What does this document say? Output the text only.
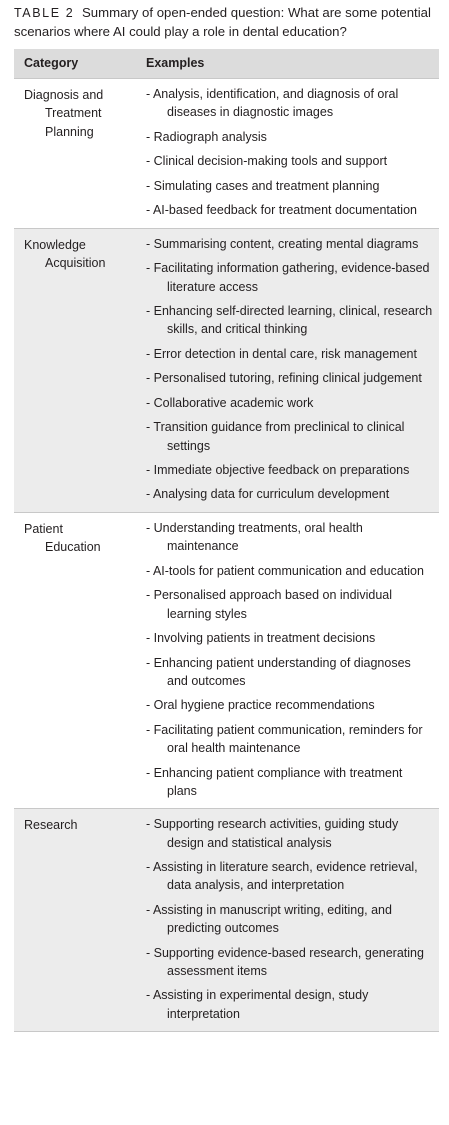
TABLE 2 Summary of open-ended question: What are some potential scenarios where AI could play a role in dental education?
Category	Examples
Diagnosis and
Treatment
Planning
- Analysis, identification, and diagnosis of oral diseases in diagnostic images
- Radiograph analysis
- Clinical decision-making tools and support
- Simulating cases and treatment planning
- AI-based feedback for treatment documentation
Knowledge
Acquisition
- Summarising content, creating mental diagrams
- Facilitating information gathering, evidence-based literature access
- Enhancing self-directed learning, clinical, research skills, and critical thinking
- Error detection in dental care, risk management
- Personalised tutoring, refining clinical judgement
- Collaborative academic work
- Transition guidance from preclinical to clinical settings
- Immediate objective feedback on preparations
- Analysing data for curriculum development
Patient
Education
- Understanding treatments, oral health maintenance
- AI-tools for patient communication and education
- Personalised approach based on individual learning styles
- Involving patients in treatment decisions
- Enhancing patient understanding of diagnoses and outcomes
- Oral hygiene practice recommendations
- Facilitating patient communication, reminders for oral health maintenance
- Enhancing patient compliance with treatment plans
Research	- Supporting research activities, guiding study design and statistical analysis
- Assisting in literature search, evidence retrieval, data analysis, and interpretation
- Assisting in manuscript writing, editing, and predicting outcomes
- Supporting evidence-based research, generating assessment items
- Assisting in experimental design, study interpretation
